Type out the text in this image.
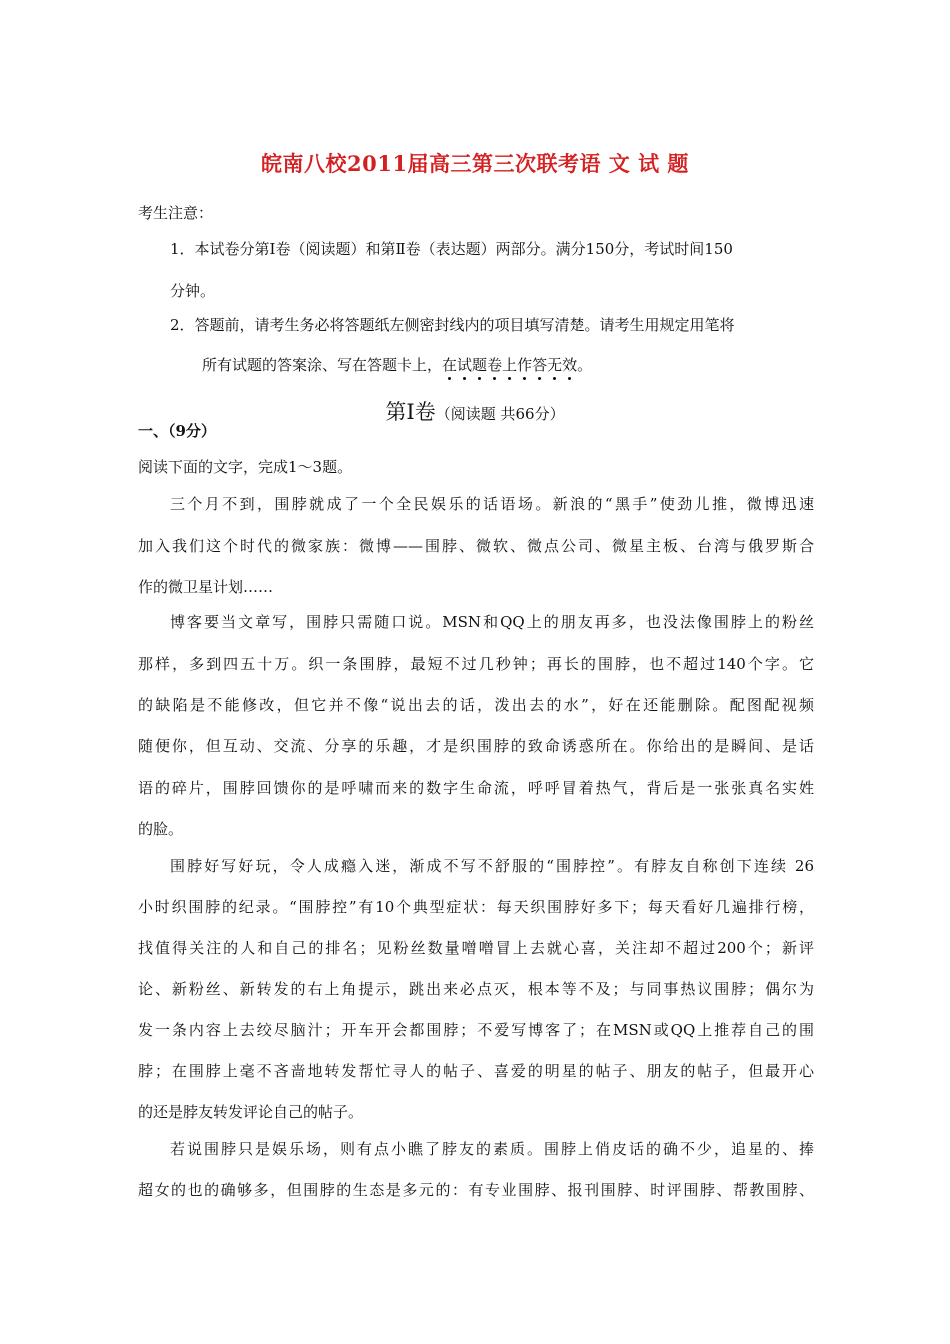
皖南八校2011届高三第三次联考语 文 试 题
考生注意：
1．本试卷分第Ⅰ卷（阅读题）和第Ⅱ卷（表达题）两部分。满分150分，考试时间150
分钟。
2．答题前，请考生务必将答题纸左侧密封线内的项目填写清楚。请考生用规定用笔将
所有试题的答案涂、写在答题卡上，在试题卷上作答无效。
第Ⅰ卷（阅读题 共66分）
一、（9分）
阅读下面的文字，完成1～3题。
三个月不到，围脖就成了一个全民娱乐的话语场。新浪的“黑手”使劲儿推，微博迅速
加入我们这个时代的微家族：微博——围脖、微软、微点公司、微星主板、台湾与俄罗斯合
作的微卫星计划……
博客要当文章写，围脖只需随口说。MSN和QQ上的朋友再多，也没法像围脖上的粉丝
那样，多到四五十万。织一条围脖，最短不过几秒钟；再长的围脖，也不超过140个字。它
的缺陷是不能修改，但它并不像“说出去的话，泼出去的水”，好在还能删除。配图配视频
随便你，但互动、交流、分享的乐趣，才是织围脖的致命诱惑所在。你给出的是瞬间、是话
语的碎片，围脖回馈你的是呼啸而来的数字生命流，呼呼冒着热气，背后是一张张真名实姓
的脸。
围脖好写好玩，令人成瘾入迷，渐成不写不舒服的“围脖控”。有脖友自称创下连续 26
小时织围脖的纪录。“围脖控”有10个典型症状：每天织围脖好多下；每天看好几遍排行榜，
找值得关注的人和自己的排名；见粉丝数量噌噌冒上去就心喜，关注却不超过200个；新评
论、新粉丝、新转发的右上角提示，跳出来必点灭，根本等不及；与同事热议围脖；偶尔为
发一条内容上去绞尽脑汁；开车开会都围脖；不爱写博客了；在MSN或QQ上推荐自己的围
脖；在围脖上毫不吝啬地转发帮忙寻人的帖子、喜爱的明星的帖子、朋友的帖子，但最开心
的还是脖友转发评论自己的帖子。
若说围脖只是娱乐场，则有点小瞧了脖友的素质。围脖上俏皮话的确不少，追星的、捧
超女的也的确够多，但围脖的生态是多元的：有专业围脖、报刊围脖、时评围脖、帮教围脖、
